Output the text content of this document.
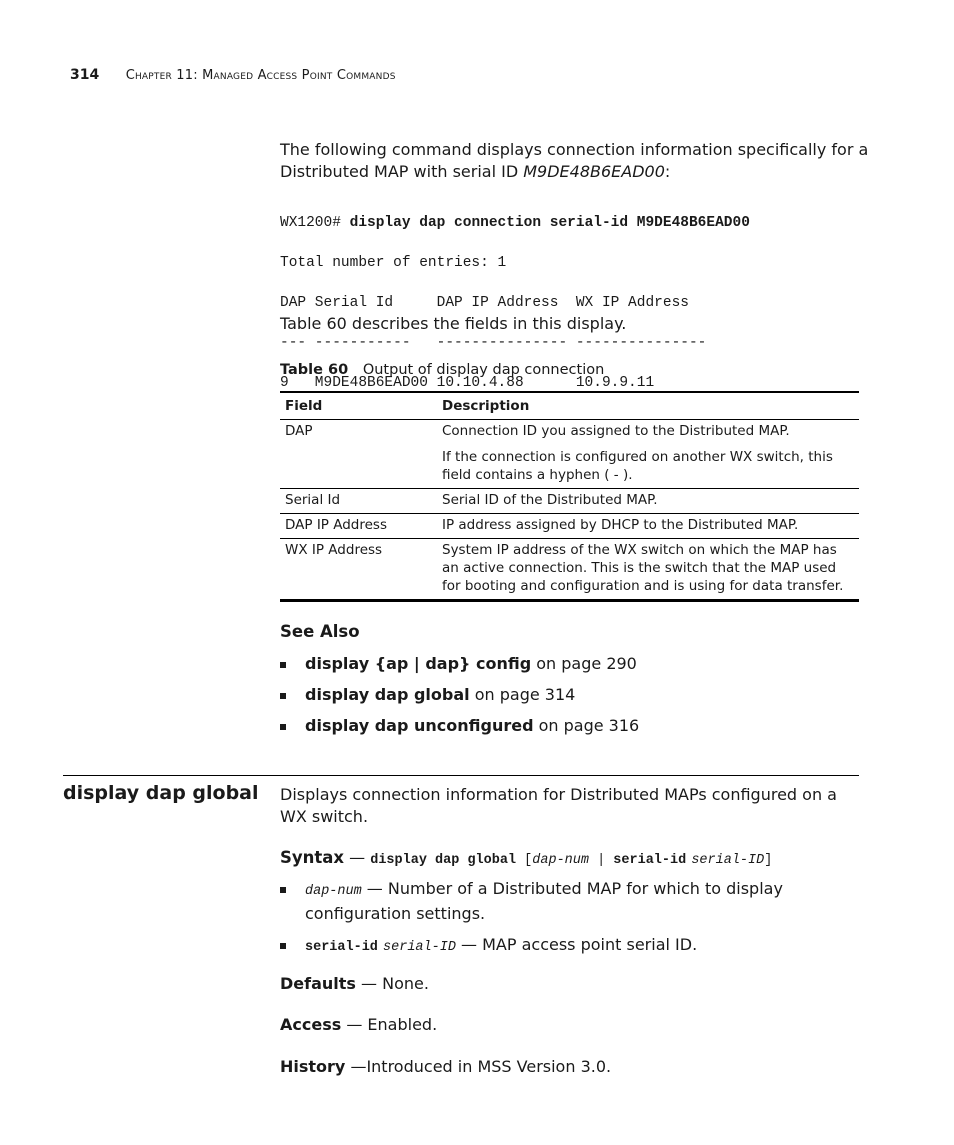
314 Chapter 11: Managed Access Point Commands
The following command displays connection information specifically for a Distributed MAP with serial ID M9DE48B6EAD00:

WX1200# display dap connection serial-id M9DE48B6EAD00

Total number of entries: 1

DAP Serial Id     DAP IP Address  WX IP Address

--- -----------   --------------- ---------------

9   M9DE48B6EAD00 10.10.4.88      10.9.9.11

Table 60 describes the fields in this display.
Table 60 Output of display dap connection
Field	Description
DAP	Connection ID you assigned to the Distributed MAP.
If the connection is configured on another WX switch, this field contains a hyphen ( - ).

Serial Id	Serial ID of the Distributed MAP.
DAP IP Address	IP address assigned by DHCP to the Distributed MAP.
WX IP Address	System IP address of the WX switch on which the MAP has an active connection. This is the switch that the MAP used for booting and configuration and is using for data transfer.
See Also
display {ap | dap} config on page 290
display dap global on page 314
display dap unconfigured on page 316
display dap global Displays connection information for Distributed MAPs configured on a WX switch.
Syntax — display dap global [dap-num | serial-id serial-ID]
dap-num — Number of a Distributed MAP for which to display configuration settings.
serial-id serial-ID — MAP access point serial ID.
Defaults — None.
Access — Enabled.
History —Introduced in MSS Version 3.0.
